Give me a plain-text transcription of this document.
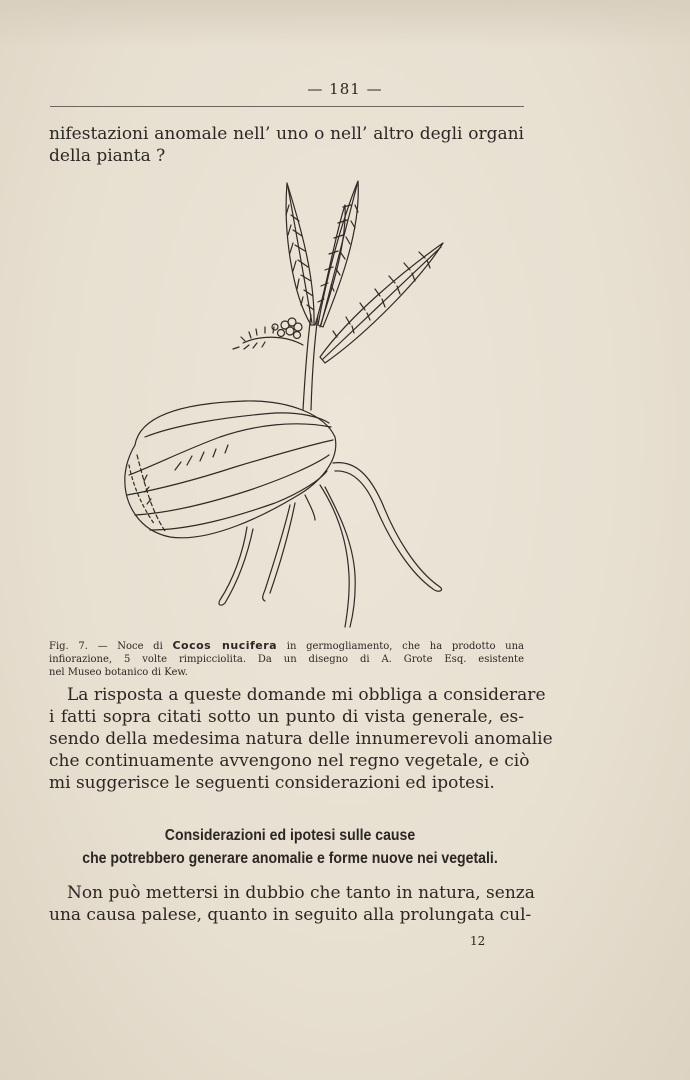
— 181 —
nifestazioni anomale nell’ uno o nell’ altro degli organi
della pianta ?
Fig. 7. — Noce di Cocos nucifera in germogliamento, che ha prodotto una
infiorazione, 5 volte rimpicciolita. Da un disegno di A. Grote Esq. esistente
nel Museo botanico di Kew.
La risposta a queste domande mi obbliga a considerare
i fatti sopra citati sotto un punto di vista generale, es-
sendo della medesima natura delle innumerevoli anomalie
che continuamente avvengono nel regno vegetale, e ciò
mi suggerisce le seguenti considerazioni ed ipotesi.
Considerazioni ed ipotesi sulle cause
che potrebbero generare anomalie e forme nuove nei vegetali.
Non può mettersi in dubbio che tanto in natura, senza
una causa palese, quanto in seguito alla prolungata cul-
12
